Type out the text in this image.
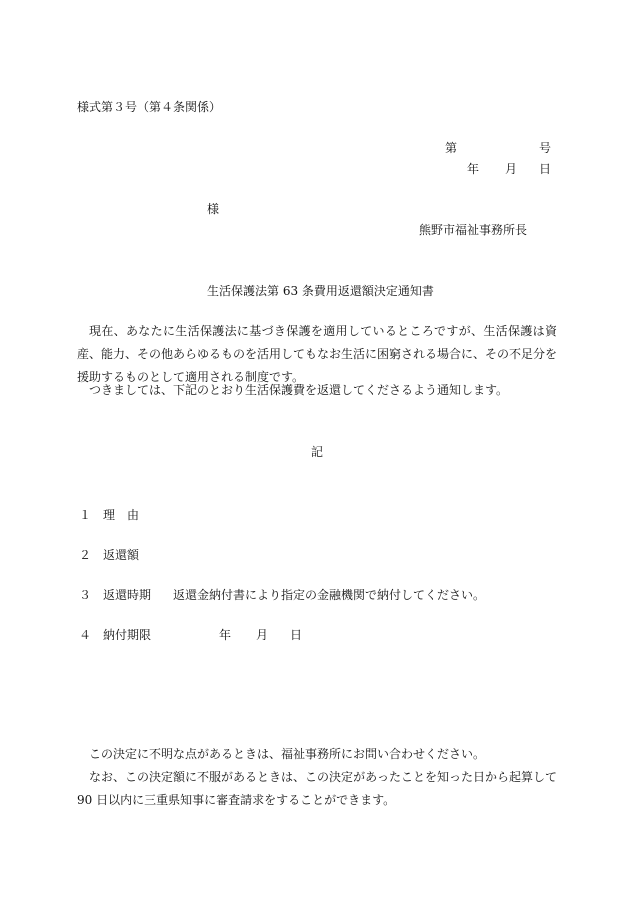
様式第３号（第４条関係）
第	号
年 月 日
様
熊野市福祉事務所長
生活保護法第 63 条費用返還額決定通知書
現在、あなたに生活保護法に基づき保護を適用しているところですが、生活保護は資産、能力、その他あらゆるものを活用してもなお生活に困窮される場合に、その不足分を援助するものとして適用される制度です。
つきましては、下記のとおり生活保護費を返還してくださるよう通知します。
記
１ 理　由
２ 返還額
３ 返還時期 返還金納付書により指定の金融機関で納付してください。
４ 納付期限	年 月 日
この決定に不明な点があるときは、福祉事務所にお問い合わせください。
なお、この決定額に不服があるときは、この決定があったことを知った日から起算して 90 日以内に三重県知事に審査請求をすることができます。
